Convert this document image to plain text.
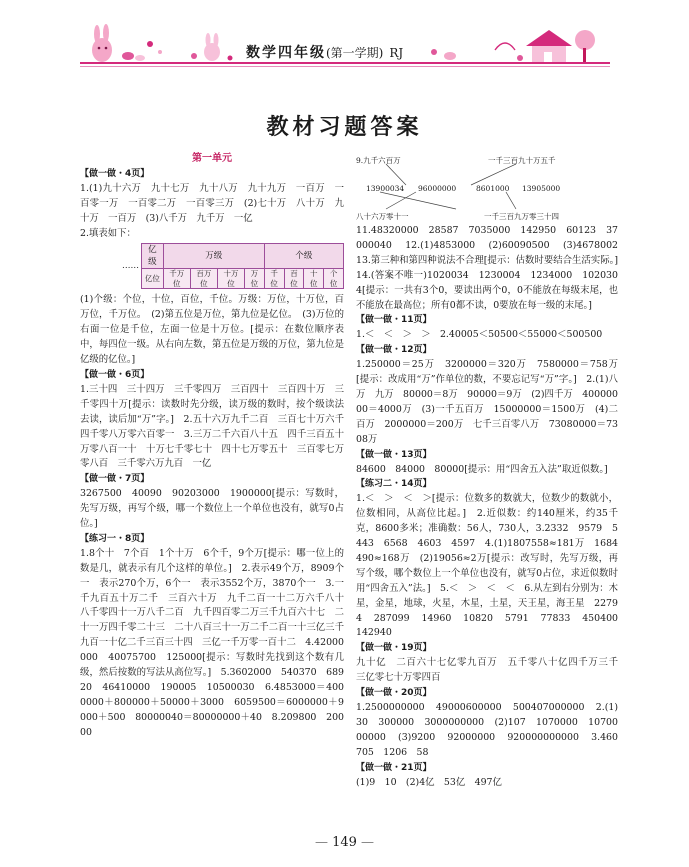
数学四年级(第一学期) RJ
教材习题答案
第一单元
【做一做・4页】
1.(1)九十六万　九十七万　九十八万　九十九万　一百万　一百零一万　一百零二万　一百零三万　(2)七十万　八十万　九十万　一百万　(3)八千万　九千万　一亿
2.填表如下：
……	亿级	万级				个级			
	亿位	千万位	百万位	十万位	万位	千位	百位	十位	个位
(1)个级：个位，十位，百位，千位。万级：万位，十万位，百万位，千万位。　(2)第五位是万位，第九位是亿位。　(3)万位的右面一位是千位，左面一位是十万位。[提示：在数位顺序表中，每四位一级。从右向左数，第五位是万级的万位，第九位是亿级的亿位。]
【做一做・6页】
1.三十四　三十四万　三千零四万　三百四十　三百四十万　三千零四十万[提示：读数时先分级，读万级的数时，按个级读法去读，读后加“万”字。]　2.五十六万九千二百　三百七十万六千　四千零八万零六百零一　3.三万二千六百八十五　四千三百五十万零八百一十　十万七千零七十　四十七万零五十　三百零七万零八百　三千零六万九百　一亿
【做一做・7页】
3267500　40090　90203000　1900000[提示：写数时，先写万级，再写个级，哪一个数位上一个单位也没有，就写0占位。]
【练习一・8页】
1.8个十　7个百　1个十万　6个千，9个万[提示：哪一位上的数是几，就表示有几个这样的单位。]　2.表示49个万，8909个一　表示270个万，6个一　表示3552个万，3870个一　3.一千九百五十万二千　三百六十万　九千二百一十二万六千八十　八千零四十一万八千二百　九千四百零二万三千九百六十七　二十一万四千零二十三　二十八百三十一万二千二百一十三亿三千九百一十亿二千三百三十四　三亿一千万零一百十二　4.42000000　40075700　125000[提示：写数时先找到这个数有几级，然后按数的写法从高位写。]　5.3602000　540370　68920　46410000　190005　10500030　6.4853000＝4000000＋800000＋50000＋3000　6059500＝6000000＋9000＋500　80000040＝80000000＋40　8.209800　20000
9.九千六百万	一千三百九十万五千
13900034 96000000	8601000 13905000
八十六万零十一	一千三百九万零三十四
11.48320000　28587　7035000　142950　60123　37000040　12.(1)4853000　(2)60090500　(3)4678002　13.第三种和第四种说法不合理[提示：估数时要结合生活实际。]　14.(答案不唯一)1020034　1230004　1234000　1020304[提示：一共有3个0，要读出两个0，0不能放在每级末尾，也不能放在最高位；所有0都不读，0要放在每一级的末尾。]
【做一做・11页】
1.＜　＜　＞　＞　2.40005＜50500＜55000＜500500
【做一做・12页】
1.250000＝25万　3200000＝320万　7580000＝758万[提示：改成用“万”作单位的数，不要忘记写“万”字。]　2.(1)八万　九万　80000＝8万　90000＝9万　(2)四千万　40000000＝4000万　(3)一千五百万　15000000＝1500万　(4)二百万　2000000＝200万　七千三百零八万　73080000＝7308万
【做一做・13页】
84600　84000　80000[提示：用“四舍五入法”取近似数。]
【练习二・14页】
1.＜　＞　＜　＞[提示：位数多的数就大，位数少的数就小，位数相同，从高位比起。]　2.近似数：约140厘米，约35千克，8600多米；准确数：56人，730人，3.2332　9579　5443　6568　4603　4597　4.(1)1807558≈181万　1684490≈168万　(2)19056≈2万[提示：改写时，先写万级，再写个级，哪个数位上一个单位也没有，就写0占位，求近似数时用“四舍五入”法。]　5.＜　＞　＜　＜　6.从左到右分别为：木星，金星，地球，火星，木星，土星，天王星，海王星　22794　287099　14960　10820　5791　77833　450400　142940
【做一做・19页】
九十亿　二百六十七亿零九百万　五千零八十亿四千万三千　三亿零七十万零四百
【做一做・20页】
1.2500000000　49000600000　500407000000　2.(1)30　300000　3000000000　(2)107　1070000　1070000000　(3)9200　92000000　920000000000　3.460　705　1206　58
【做一做・21页】
(1)9　10　(2)4亿　53亿　497亿
— 149 —
